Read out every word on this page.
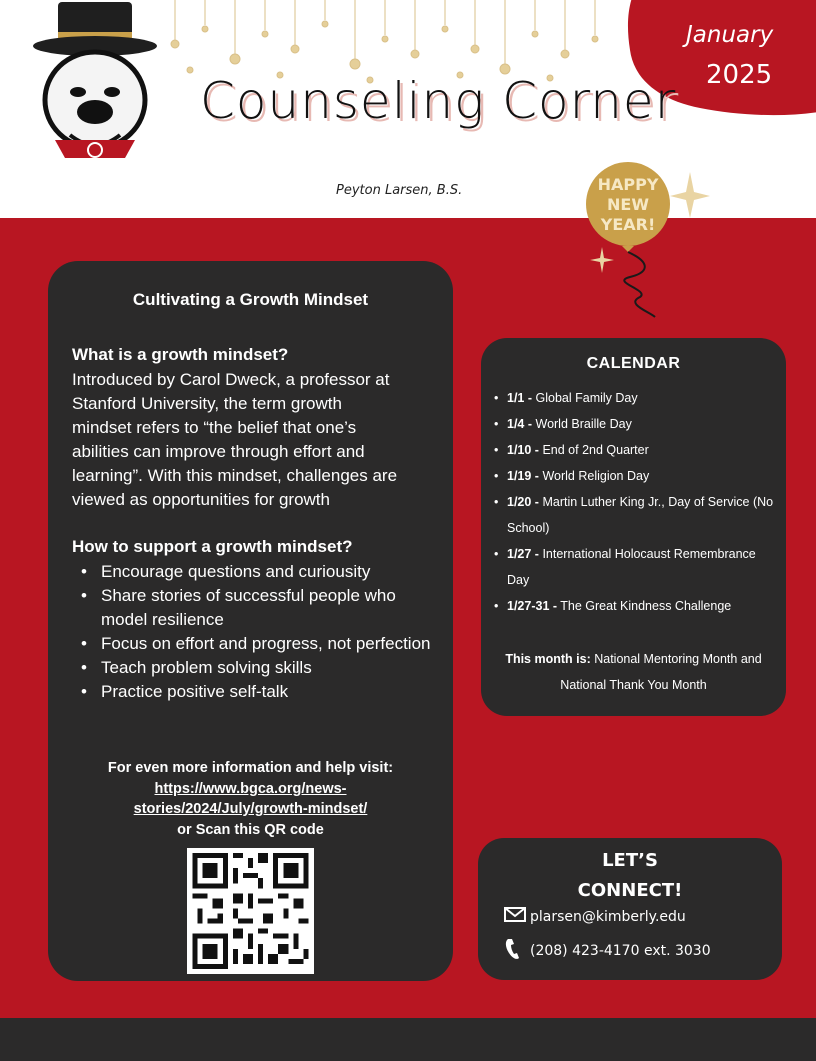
January
2025
Counseling Corner
Peyton Larsen, B.S.	HAPPY
NEW
YEAR!
Cultivating a Growth Mindset
What is a growth mindset?
Introduced by Carol Dweck, a professor at
Stanford University, the term growth
mindset refers to “the belief that one’s
abilities can improve through effort and
learning”. With this mindset, challenges are
viewed as opportunities for growth
How to support a growth mindset?
• Encourage questions and curiousity
• Share stories of successful people who model resilience
• Focus on effort and progress, not perfection
• Teach problem solving skills
• Practice positive self-talk
For even more information and help visit:
https://www.bgca.org/news-
stories/2024/July/growth-mindset/
or Scan this QR code
CALENDAR
• 1/1 - Global Family Day
• 1/4 - World Braille Day
• 1/10 - End of 2nd Quarter
• 1/19 - World Religion Day
• 1/20 - Martin Luther King Jr., Day of Service (No School)
• 1/27 - International Holocaust Remembrance Day
• 1/27-31 - The Great Kindness Challenge
This month is: National Mentoring Month and National Thank You Month
LET’S
CONNECT!
plarsen@kimberly.edu
(208) 423-4170 ext. 3030
